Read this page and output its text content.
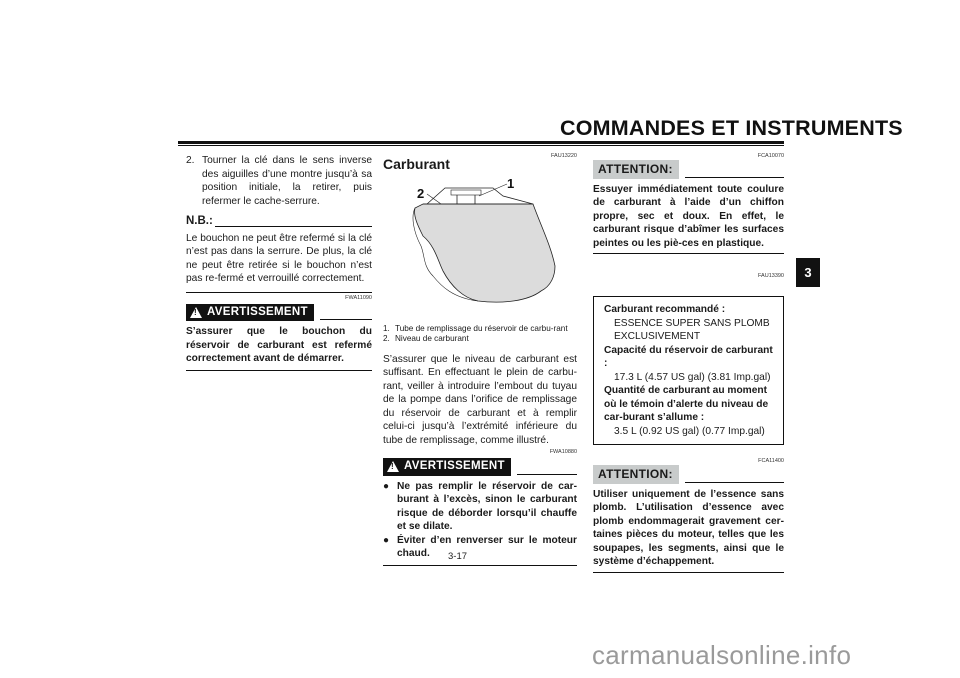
COMMANDES ET INSTRUMENTS
2. Tourner la clé dans le sens inverse des aiguilles d’une montre jusqu’à sa position initiale, la retirer, puis refermer le cache-serrure.

N.B.:

Le bouchon ne peut être refermé si la clé n’est pas dans la serrure. De plus, la clé ne peut être retirée si le bouchon n’est pas re-fermé et verrouillé correctement.

FWA11090
! AVERTISSEMENT

S’assurer que le bouchon du réservoir de carburant est refermé correctement avant de démarrer.

FAU13220
Carburant
2
1
1. Tube de remplissage du réservoir de carbu-rant
2. Niveau de carburant

S’assurer que le niveau de carburant est suffisant. En effectuant le plein de carbu-rant, veiller à introduire l’embout du tuyau de la pompe dans l’orifice de remplissage du réservoir de carburant et à remplir celui-ci jusqu’à l’extrémité inférieure du tube de remplissage, comme illustré.

FWA10880
! AVERTISSEMENT
● Ne pas remplir le réservoir de car-burant à l’excès, sinon le carburant risque de déborder lorsqu’il chauffe et se dilate.

● Éviter d’en renverser sur le moteur chaud.

FCA10070
ATTENTION:

Essuyer immédiatement toute coulure de carburant à l’aide d’un chiffon propre, sec et doux. En effet, le carburant risque d’abîmer les surfaces peintes ou les piè-ces en plastique.

FAU13390
Carburant recommandé :
ESSENCE SUPER SANS PLOMB
EXCLUSIVEMENT
Capacité du réservoir de carburant :
17.3 L (4.57 US gal) (3.81 Imp.gal)
Quantité de carburant au moment où le témoin d’alerte du niveau de car-burant s’allume :
3.5 L (0.92 US gal) (0.77 Imp.gal)
FCA11400
ATTENTION:

Utiliser uniquement de l’essence sans plomb. L’utilisation d’essence avec plomb endommagerait gravement cer-taines pièces du moteur, telles que les soupapes, les segments, ainsi que le système d’échappement.

3
3-17
carmanualsonline.info
